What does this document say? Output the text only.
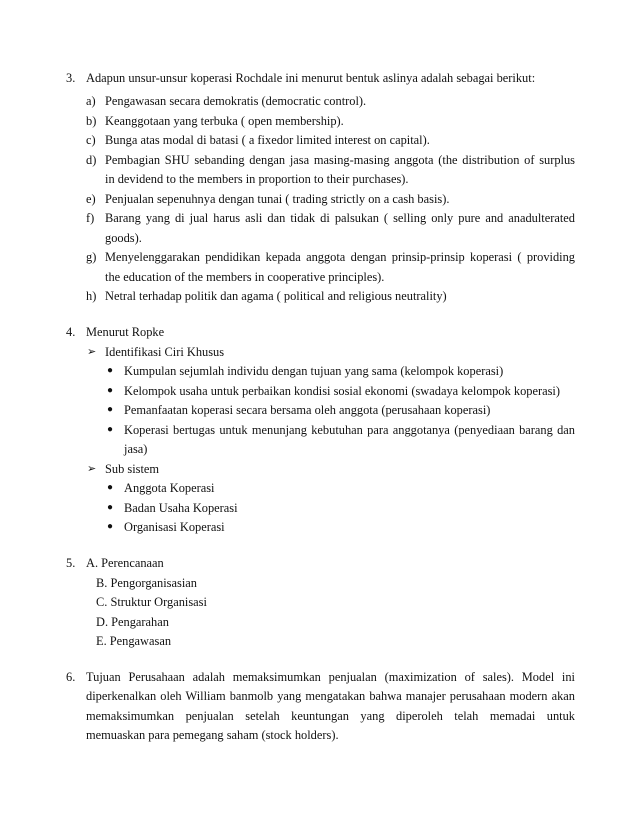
3. Adapun unsur-unsur koperasi Rochdale ini menurut bentuk aslinya adalah sebagai berikut:
a) Pengawasan secara demokratis (democratic control).
b) Keanggotaan yang terbuka ( open membership).
c) Bunga atas modal di batasi ( a fixedor limited interest on capital).
d) Pembagian SHU sebanding dengan jasa masing-masing anggota (the distribution of surplus
in devidend to the members in proportion to their purchases).
e) Penjualan sepenuhnya dengan tunai ( trading strictly on a cash basis).
f) Barang yang di jual harus asli dan tidak di palsukan ( selling only pure and anadulterated
goods).
g) Menyelenggarakan pendidikan kepada anggota dengan prinsip-prinsip koperasi ( providing
the education of the members in cooperative principles).
h) Netral terhadap politik dan agama ( political and religious neutrality)
4. Menurut Ropke
➢ Identifikasi Ciri Khusus
● Kumpulan sejumlah individu dengan tujuan yang sama (kelompok koperasi)
● Kelompok usaha untuk perbaikan kondisi sosial ekonomi (swadaya kelompok koperasi)
● Pemanfaatan koperasi secara bersama oleh anggota (perusahaan koperasi)
● Koperasi bertugas untuk menunjang kebutuhan para anggotanya (penyediaan barang dan
jasa)
➢ Sub sistem
● Anggota Koperasi
● Badan Usaha Koperasi
● Organisasi Koperasi
5. A. Perencanaan
B. Pengorganisasian
C. Struktur Organisasi
D. Pengarahan
E. Pengawasan
6. Tujuan Perusahaan adalah memaksimumkan penjualan (maximization of sales). Model ini
diperkenalkan oleh William banmolb yang mengatakan bahwa manajer perusahaan modern akan
memaksimumkan penjualan setelah keuntungan yang diperoleh telah memadai untuk
memuaskan para pemegang saham (stock holders).
